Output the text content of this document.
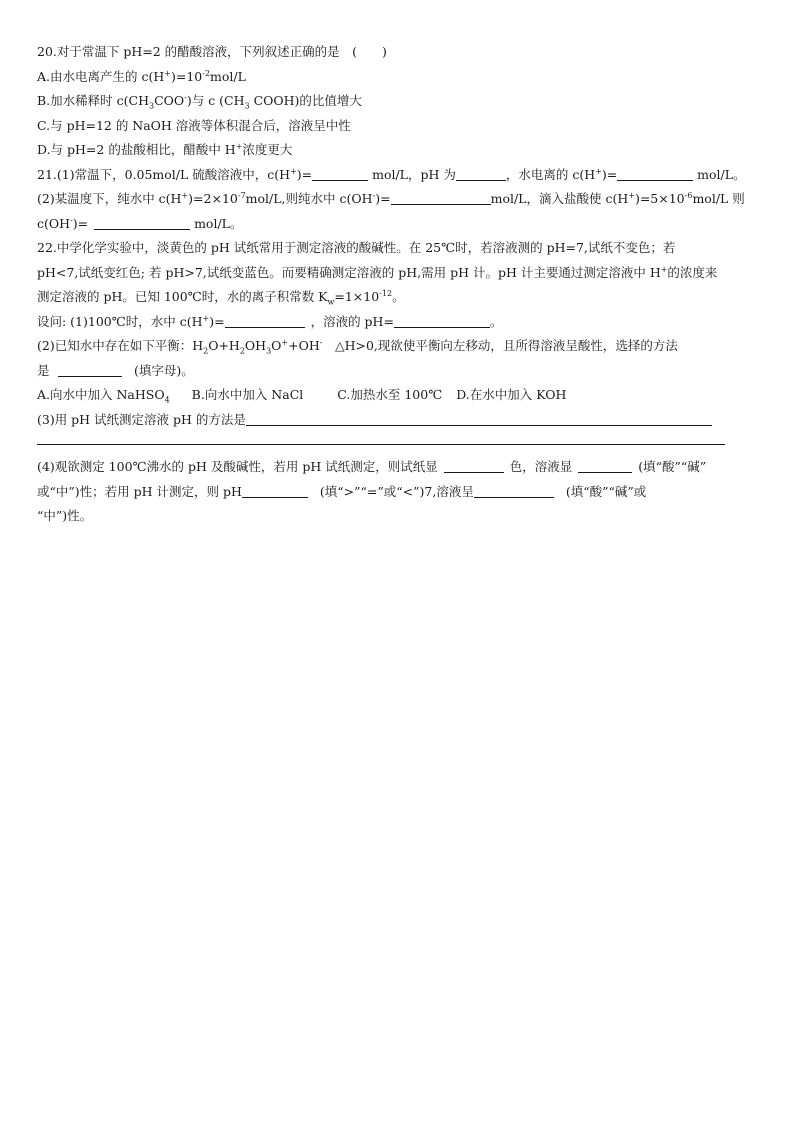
20.对于常温下 pH=2 的醋酸溶液，下列叙述正确的是　(　　)
A.由水电离产生的 $c(H^+)=10^{-2}mol/L$
B.加水稀释时 $c(CH_3COO^-)$与 c ($CH_3$ COOH)的比值增大
C.与 pH=12 的 NaOH 溶液等体积混合后，溶液呈中性
D.与 pH=2 的盐酸相比，醋酸中 H+浓度更大
21.(1)常温下，0.05mol/L 硫酸溶液中，c(H+)=	mol/L，pH 为	，水电离的 c(H+)=	mol/L。
(2)某温度下，纯水中 $c(H^+)=2\times 10^{-7}mol/L$,则纯水中 c(OH-)=	mol/L，滴入盐酸使 $c(H^+)=5\times 10^{-6}mol/L$ 则
c(OH-)=	mol/L。
22.中学化学实验中，淡黄色的 pH 试纸常用于测定溶液的酸碱性。在 25℃时，若溶液测的 pH=7,试纸不变色；若
pH<7,试纸变红色; 若 pH>7,试纸变蓝色。而要精确测定溶液的 pH,需用 pH 计。pH 计主要通过测定溶液中 H+的浓度来
测定溶液的 pH。已知 100℃时，水的离子积常数 $K_w=1\times 10^{-12}$。
设问: (1)100℃时，水中 c(H+)=	，溶液的 pH=	。
(2)已知水中存在如下平衡：$H_2O+H_2OH_3O^++OH^-$　△H>0,现欲使平衡向左移动，且所得溶液呈酸性，选择的方法
是	　(填字母)。
A.向水中加入 NaHSO$_4$ B.向水中加入 NaCl	C.加热水至 100℃ D.在水中加入 KOH
(3)用 pH 试纸测定溶液 pH 的方法是
(4)观欲测定 100℃沸水的 pH 及酸碱性，若用 pH 试纸测定，则试纸显	色，溶液显	(填“酸”“碱”
或“中”)性；若用 pH 计测定，则 pH	(填“>”“=”或“<”)7,溶液呈	(填“酸”“碱”或
“中”)性。
